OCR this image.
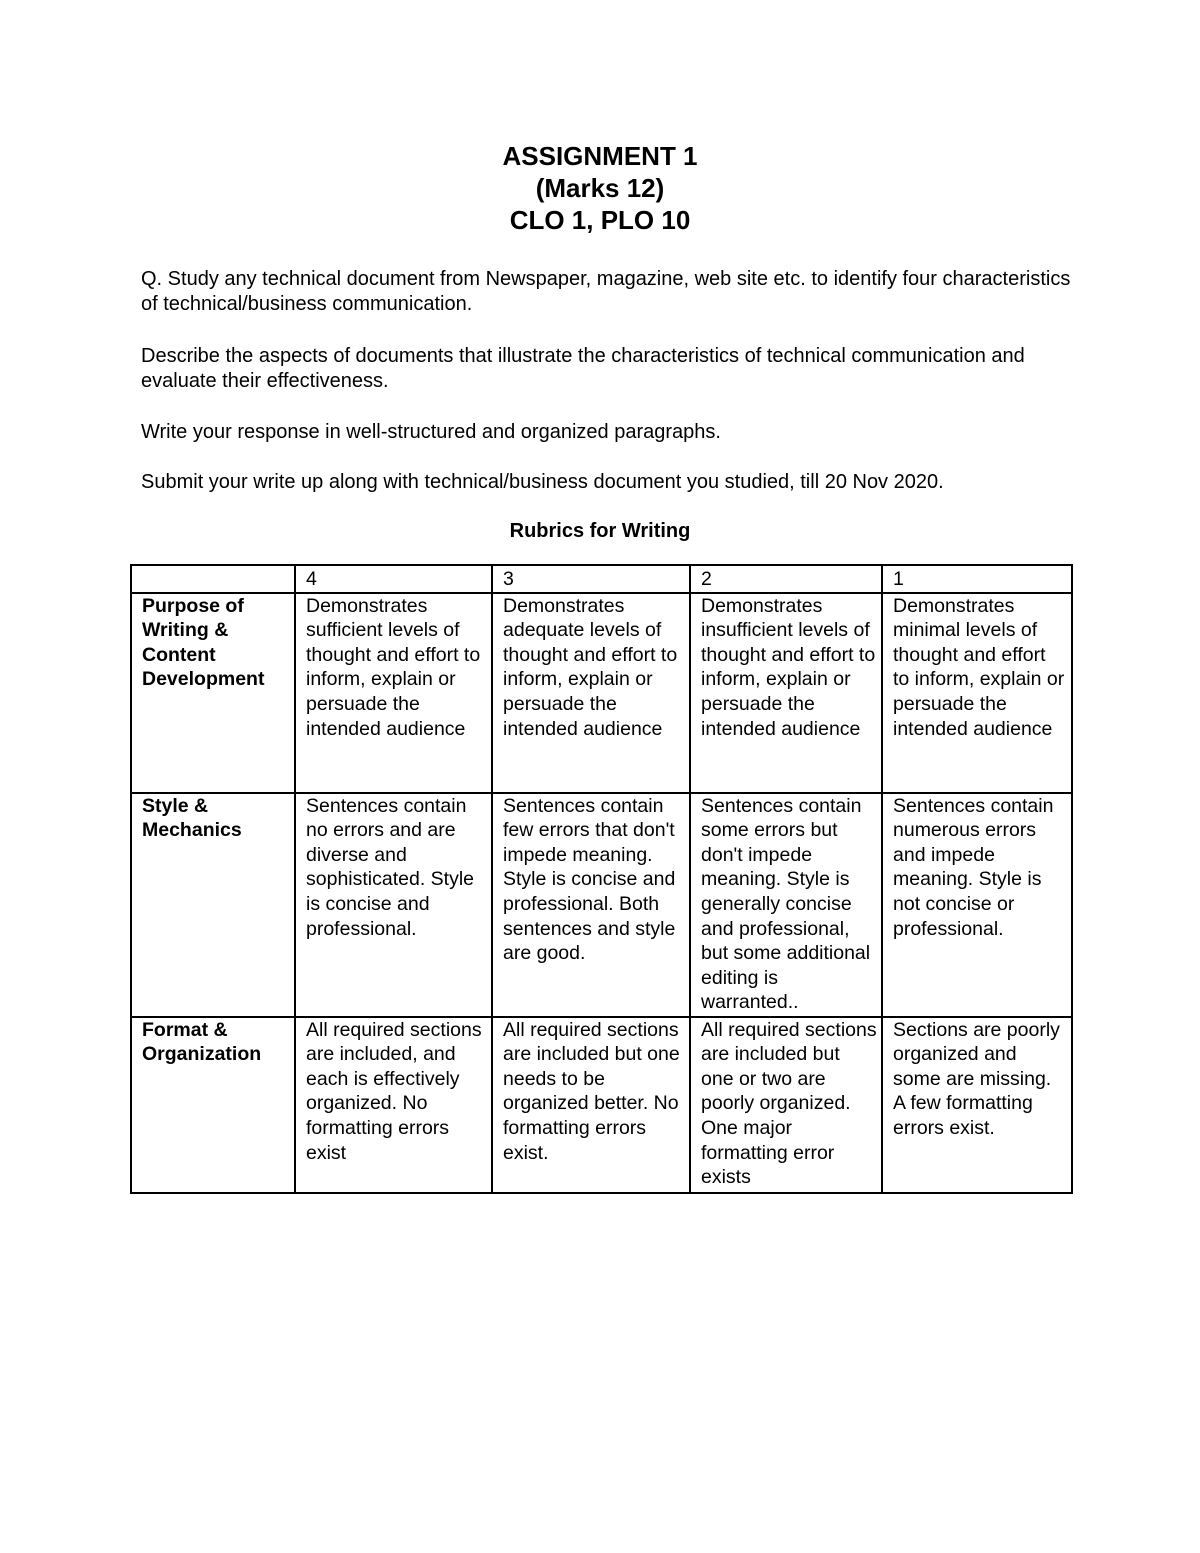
ASSIGNMENT 1
(Marks 12)
CLO 1, PLO 10
Q. Study any technical document from Newspaper, magazine, web site etc. to identify four characteristics of technical/business communication.
Describe the aspects of documents that illustrate the characteristics of technical communication and evaluate their effectiveness.
Write your response in well-structured and organized paragraphs.
Submit your write up along with technical/business document you studied, till 20 Nov 2020.
Rubrics for Writing
	4	3	2	1
Purpose of Writing & Content Development	Demonstrates sufficient levels of thought and effort to inform, explain or persuade the intended audience	Demonstrates adequate levels of thought and effort to inform, explain or persuade the intended audience	Demonstrates insufficient levels of thought and effort to inform, explain or persuade the intended audience	Demonstrates minimal levels of thought and effort to inform, explain or persuade the intended audience
Style & Mechanics	Sentences contain no errors and are diverse and sophisticated. Style is concise and professional.	Sentences contain few errors that don't impede meaning. Style is concise and professional. Both sentences and style are good.	Sentences contain some errors but don't impede meaning. Style is generally concise and professional, but some additional editing is warranted..	Sentences contain numerous errors and impede meaning. Style is not concise or professional.
Format & Organization	All required sections are included, and each is effectively organized. No formatting errors exist	All required sections are included but one needs to be organized better. No formatting errors exist.	All required sections are included but one or two are poorly organized. One major formatting error exists	Sections are poorly organized and some are missing. A few formatting errors exist.
